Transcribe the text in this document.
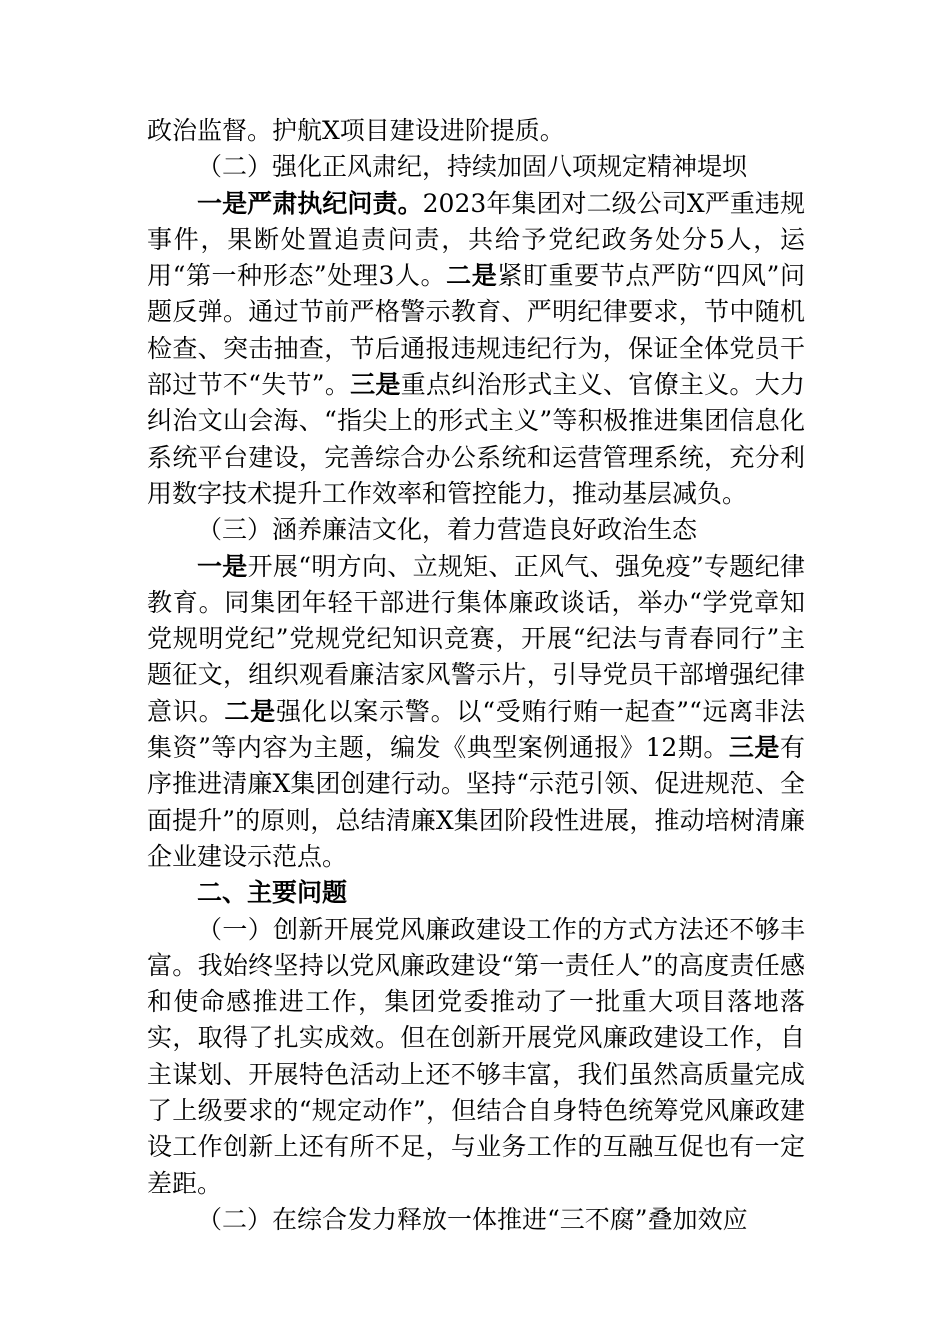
政治监督。护航X项目建设进阶提质。

（二）强化正风肃纪，持续加固八项规定精神堤坝

一是严肃执纪问责。2023年集团对二级公司X严重违规事件，果断处置追责问责，共给予党纪政务处分5人，运用“第一种形态”处理3人。二是紧盯重要节点严防“四风”问题反弹。通过节前严格警示教育、严明纪律要求，节中随机检查、突击抽查，节后通报违规违纪行为，保证全体党员干部过节不“失节”。三是重点纠治形式主义、官僚主义。大力纠治文山会海、“指尖上的形式主义”等积极推进集团信息化系统平台建设，完善综合办公系统和运营管理系统，充分利用数字技术提升工作效率和管控能力，推动基层减负。

（三）涵养廉洁文化，着力营造良好政治生态

一是开展“明方向、立规矩、正风气、强免疫”专题纪律教育。同集团年轻干部进行集体廉政谈话，举办“学党章知党规明党纪”党规党纪知识竞赛，开展“纪法与青春同行”主题征文，组织观看廉洁家风警示片，引导党员干部增强纪律意识。二是强化以案示警。以“受贿行贿一起查”“远离非法集资”等内容为主题，编发《典型案例通报》12期。三是有序推进清廉X集团创建行动。坚持“示范引领、促进规范、全面提升”的原则，总结清廉X集团阶段性进展，推动培树清廉企业建设示范点。

二、主要问题

（一）创新开展党风廉政建设工作的方式方法还不够丰富。我始终坚持以党风廉政建设“第一责任人”的高度责任感和使命感推进工作，集团党委推动了一批重大项目落地落实，取得了扎实成效。但在创新开展党风廉政建设工作，自主谋划、开展特色活动上还不够丰富，我们虽然高质量完成了上级要求的“规定动作”，但结合自身特色统筹党风廉政建设工作创新上还有所不足，与业务工作的互融互促也有一定差距。

（二）在综合发力释放一体推进“三不腐”叠加效应
